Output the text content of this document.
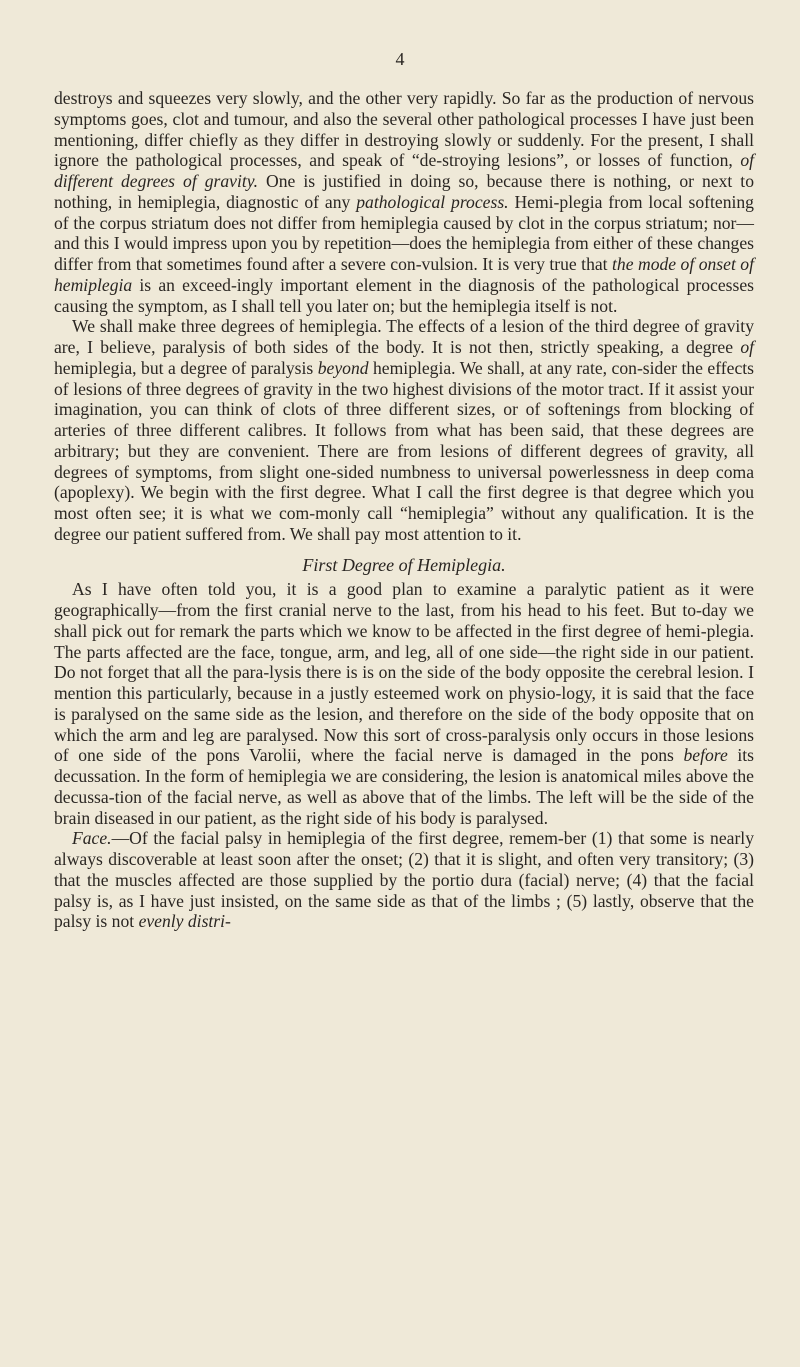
4

destroys and squeezes very slowly, and the other very rapidly. So far as the production of nervous symptoms goes, clot and tumour, and also the several other pathological processes I have just been mentioning, differ chiefly as they differ in destroying slowly or suddenly. For the present, I shall ignore the pathological processes, and speak of “de-stroying lesions”, or losses of function, of different degrees of gravity. One is justified in doing so, because there is nothing, or next to nothing, in hemiplegia, diagnostic of any pathological process. Hemi-plegia from local softening of the corpus striatum does not differ from hemiplegia caused by clot in the corpus striatum; nor—and this I would impress upon you by repetition—does the hemiplegia from either of these changes differ from that sometimes found after a severe con-vulsion. It is very true that the mode of onset of hemiplegia is an exceed-ingly important element in the diagnosis of the pathological processes causing the symptom, as I shall tell you later on; but the hemiplegia itself is not.

We shall make three degrees of hemiplegia. The effects of a lesion of the third degree of gravity are, I believe, paralysis of both sides of the body. It is not then, strictly speaking, a degree of hemiplegia, but a degree of paralysis beyond hemiplegia. We shall, at any rate, con-sider the effects of lesions of three degrees of gravity in the two highest divisions of the motor tract. If it assist your imagination, you can think of clots of three different sizes, or of softenings from blocking of arteries of three different calibres. It follows from what has been said, that these degrees are arbitrary; but they are convenient. There are from lesions of different degrees of gravity, all degrees of symptoms, from slight one-sided numbness to universal powerlessness in deep coma (apoplexy). We begin with the first degree. What I call the first degree is that degree which you most often see; it is what we com-monly call “hemiplegia” without any qualification. It is the degree our patient suffered from. We shall pay most attention to it.

First Degree of Hemiplegia.

As I have often told you, it is a good plan to examine a paralytic patient as it were geographically—from the first cranial nerve to the last, from his head to his feet. But to-day we shall pick out for remark the parts which we know to be affected in the first degree of hemi-plegia. The parts affected are the face, tongue, arm, and leg, all of one side—the right side in our patient. Do not forget that all the para-lysis there is is on the side of the body opposite the cerebral lesion. I mention this particularly, because in a justly esteemed work on physio-logy, it is said that the face is paralysed on the same side as the lesion, and therefore on the side of the body opposite that on which the arm and leg are paralysed. Now this sort of cross-paralysis only occurs in those lesions of one side of the pons Varolii, where the facial nerve is damaged in the pons before its decussation. In the form of hemiplegia we are considering, the lesion is anatomical miles above the decussa-tion of the facial nerve, as well as above that of the limbs. The left will be the side of the brain diseased in our patient, as the right side of his body is paralysed.

Face.—Of the facial palsy in hemiplegia of the first degree, remem-ber (1) that some is nearly always discoverable at least soon after the onset; (2) that it is slight, and often very transitory; (3) that the muscles affected are those supplied by the portio dura (facial) nerve; (4) that the facial palsy is, as I have just insisted, on the same side as that of the limbs ; (5) lastly, observe that the palsy is not evenly distri-
